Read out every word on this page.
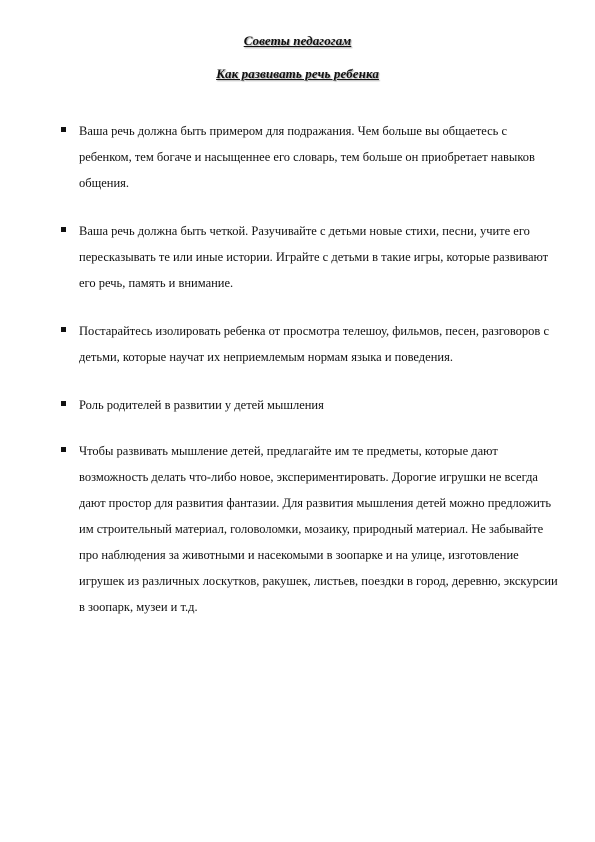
Советы педагогам
Как развивать речь ребенка
Ваша речь должна быть примером для подражания. Чем больше вы общаетесь с ребенком, тем богаче и насыщеннее его словарь, тем больше он приобретает навыков общения.
Ваша речь должна быть четкой. Разучивайте с детьми новые стихи, песни, учите его пересказывать те или иные истории. Играйте с детьми в такие игры, которые развивают его речь, память и внимание.
Постарайтесь изолировать ребенка от просмотра телешоу, фильмов, песен, разговоров с детьми, которые научат их неприемлемым нормам языка и поведения.
Роль родителей в развитии у детей мышления
Чтобы развивать мышление детей, предлагайте им те предметы, которые дают возможность делать что-либо новое, экспериментировать. Дорогие игрушки не всегда дают простор для развития фантазии. Для развития мышления детей можно предложить им строительный материал, головоломки, мозаику, природный материал. Не забывайте про наблюдения за животными и насекомыми в зоопарке и на улице, изготовление игрушек из различных лоскутков, ракушек, листьев, поездки в город, деревню, экскурсии в зоопарк, музеи и т.д.
